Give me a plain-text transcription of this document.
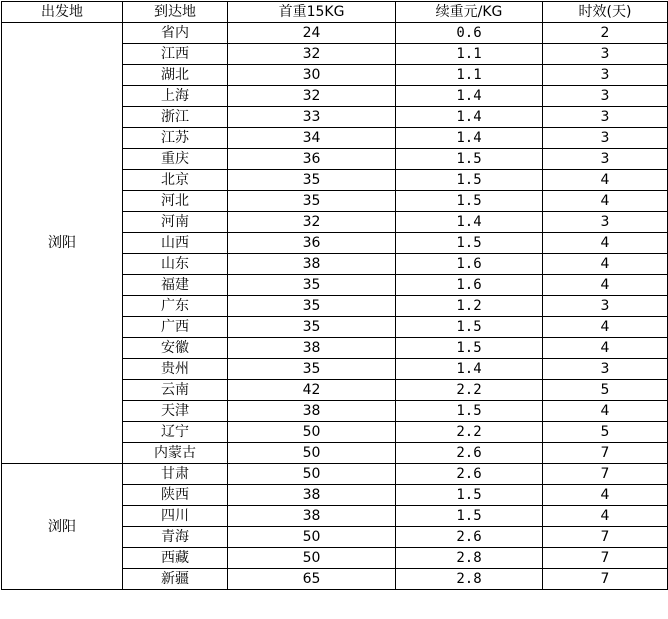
出发地	到达地	首重15KG	续重元/KG	时效(天)
浏阳	省内	24	0.6	2
	江西	32	1.1	3
	湖北	30	1.1	3
	上海	32	1.4	3
	浙江	33	1.4	3
	江苏	34	1.4	3
	重庆	36	1.5	3
	北京	35	1.5	4
	河北	35	1.5	4
	河南	32	1.4	3
	山西	36	1.5	4
	山东	38	1.6	4
	福建	35	1.6	4
	广东	35	1.2	3
	广西	35	1.5	4
	安徽	38	1.5	4
	贵州	35	1.4	3
	云南	42	2.2	5
	天津	38	1.5	4
	辽宁	50	2.2	5
	内蒙古	50	2.6	7
浏阳	甘肃	50	2.6	7
	陕西	38	1.5	4
	四川	38	1.5	4
	青海	50	2.6	7
	西藏	50	2.8	7
	新疆	65	2.8	7
